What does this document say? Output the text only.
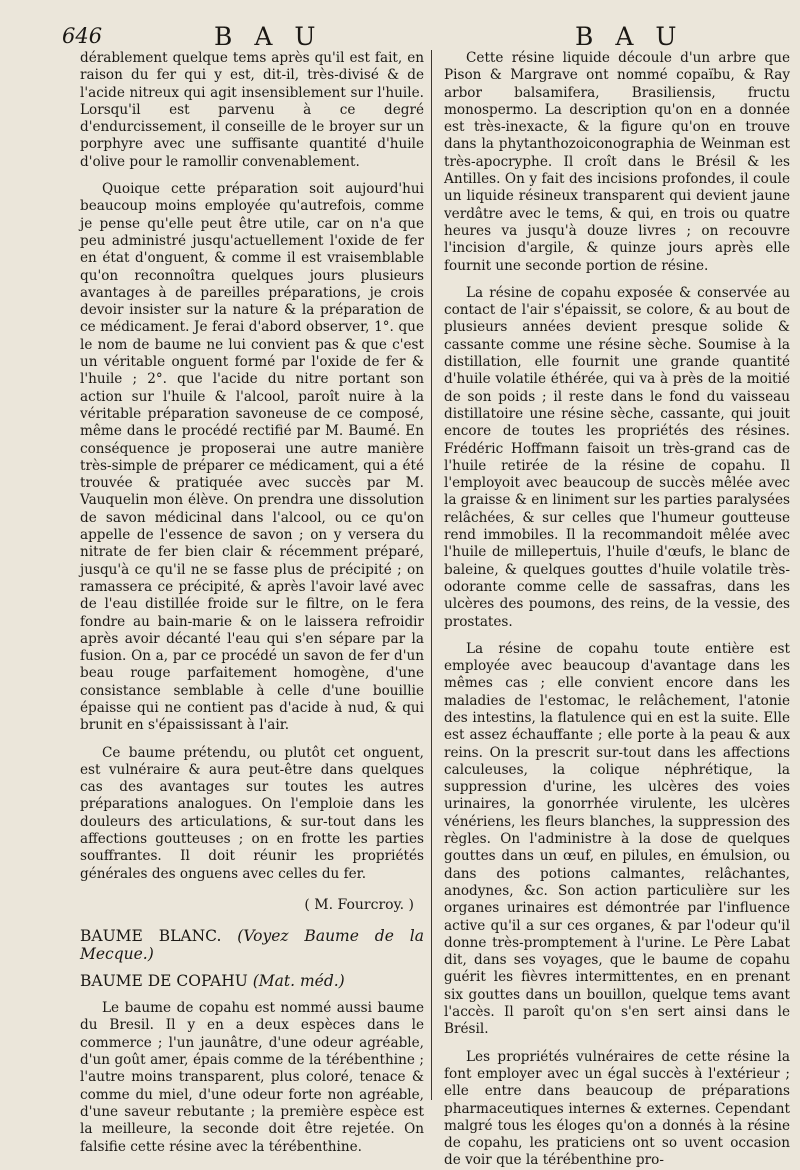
646	B A U	B A U

dérablement quelque tems après qu'il est fait, en raison du fer qui y est, dit-il, très-divisé & de l'acide nitreux qui agit insensiblement sur l'huile. Lorsqu'il est parvenu à ce degré d'endurcissement, il conseille de le broyer sur un porphyre avec une suffisante quantité d'huile d'olive pour le ramollir convenablement.

Quoique cette préparation soit aujourd'hui beaucoup moins employée qu'autrefois, comme je pense qu'elle peut être utile, car on n'a que peu administré jusqu'actuellement l'oxide de fer en état d'onguent, & comme il est vraisemblable qu'on reconnoîtra quelques jours plusieurs avantages à de pareilles préparations, je crois devoir insister sur la nature & la préparation de ce médicament. Je ferai d'abord observer, 1°. que le nom de baume ne lui convient pas & que c'est un véritable onguent formé par l'oxide de fer & l'huile ; 2°. que l'acide du nitre portant son action sur l'huile & l'alcool, paroît nuire à la véritable préparation savoneuse de ce composé, même dans le procédé rectifié par M. Baumé. En conséquence je proposerai une autre manière très-simple de préparer ce médicament, qui a été trouvée & pratiquée avec succès par M. Vauquelin mon élève. On prendra une dissolution de savon médicinal dans l'alcool, ou ce qu'on appelle de l'essence de savon ; on y versera du nitrate de fer bien clair & récemment préparé, jusqu'à ce qu'il ne se fasse plus de précipité ; on ramassera ce précipité, & après l'avoir lavé avec de l'eau distillée froide sur le filtre, on le fera fondre au bain-marie & on le laissera refroidir après avoir décanté l'eau qui s'en sépare par la fusion. On a, par ce procédé un savon de fer d'un beau rouge parfaitement homogène, d'une consistance semblable à celle d'une bouillie épaisse qui ne contient pas d'acide à nud, & qui brunit en s'épaississant à l'air.

Ce baume prétendu, ou plutôt cet onguent, est vulnéraire & aura peut-être dans quelques cas des avantages sur toutes les autres préparations analogues. On l'emploie dans les douleurs des articulations, & sur-tout dans les affections goutteuses ; on en frotte les parties souffrantes. Il doit réunir les propriétés générales des onguens avec celles du fer.

( M. Fourcroy. )

BAUME BLANC. (Voyez Baume de la Mecque.)

BAUME DE COPAHU (Mat. méd.)

Le baume de copahu est nommé aussi baume du Bresil. Il y en a deux espèces dans le commerce ; l'un jaunâtre, d'une odeur agréable, d'un goût amer, épais comme de la térébenthine ; l'autre moins transparent, plus coloré, tenace & comme du miel, d'une odeur forte non agréable, d'une saveur rebutante ; la première espèce est la meilleure, la seconde doit être rejetée. On falsifie cette résine avec la térébenthine.

Cette résine liquide découle d'un arbre que Pison & Margrave ont nommé copaïbu, & Ray arbor balsamifera, Brasiliensis, fructu monospermo. La description qu'on en a donnée est très-inexacte, & la figure qu'on en trouve dans la phytanthozoiconographia de Weinman est très-apocryphe. Il croît dans le Brésil & les Antilles. On y fait des incisions profondes, il coule un liquide résineux transparent qui devient jaune verdâtre avec le tems, & qui, en trois ou quatre heures va jusqu'à douze livres ; on recouvre l'incision d'argile, & quinze jours après elle fournit une seconde portion de résine.

La résine de copahu exposée & conservée au contact de l'air s'épaissit, se colore, & au bout de plusieurs années devient presque solide & cassante comme une résine sèche. Soumise à la distillation, elle fournit une grande quantité d'huile volatile éthérée, qui va à près de la moitié de son poids ; il reste dans le fond du vaisseau distillatoire une résine sèche, cassante, qui jouit encore de toutes les propriétés des résines. Frédéric Hoffmann faisoit un très-grand cas de l'huile retirée de la résine de copahu. Il l'employoit avec beaucoup de succès mêlée avec la graisse & en liniment sur les parties paralysées relâchées, & sur celles que l'humeur goutteuse rend immobiles. Il la recommandoit mêlée avec l'huile de millepertuis, l'huile d'œufs, le blanc de baleine, & quelques gouttes d'huile volatile très-odorante comme celle de sassafras, dans les ulcères des poumons, des reins, de la vessie, des prostates.

La résine de copahu toute entière est employée avec beaucoup d'avantage dans les mêmes cas ; elle convient encore dans les maladies de l'estomac, le relâchement, l'atonie des intestins, la flatulence qui en est la suite. Elle est assez échauffante ; elle porte à la peau & aux reins. On la prescrit sur-tout dans les affections calculeuses, la colique néphrétique, la suppression d'urine, les ulcères des voies urinaires, la gonorrhée virulente, les ulcères vénériens, les fleurs blanches, la suppression des règles. On l'administre à la dose de quelques gouttes dans un œuf, en pilules, en émulsion, ou dans des potions calmantes, relâchantes, anodynes, &c. Son action particulière sur les organes urinaires est démontrée par l'influence active qu'il a sur ces organes, & par l'odeur qu'il donne très-promptement à l'urine. Le Père Labat dit, dans ses voyages, que le baume de copahu guérit les fièvres intermittentes, en en prenant six gouttes dans un bouillon, quelque tems avant l'accès. Il paroît qu'on s'en sert ainsi dans le Brésil.

Les propriétés vulnéraires de cette résine la font employer avec un égal succès à l'extérieur ; elle entre dans beaucoup de préparations pharmaceutiques internes & externes. Cependant malgré tous les éloges qu'on a donnés à la résine de copahu, les praticiens ont so uvent occasion de voir que la térébenthine pro-
